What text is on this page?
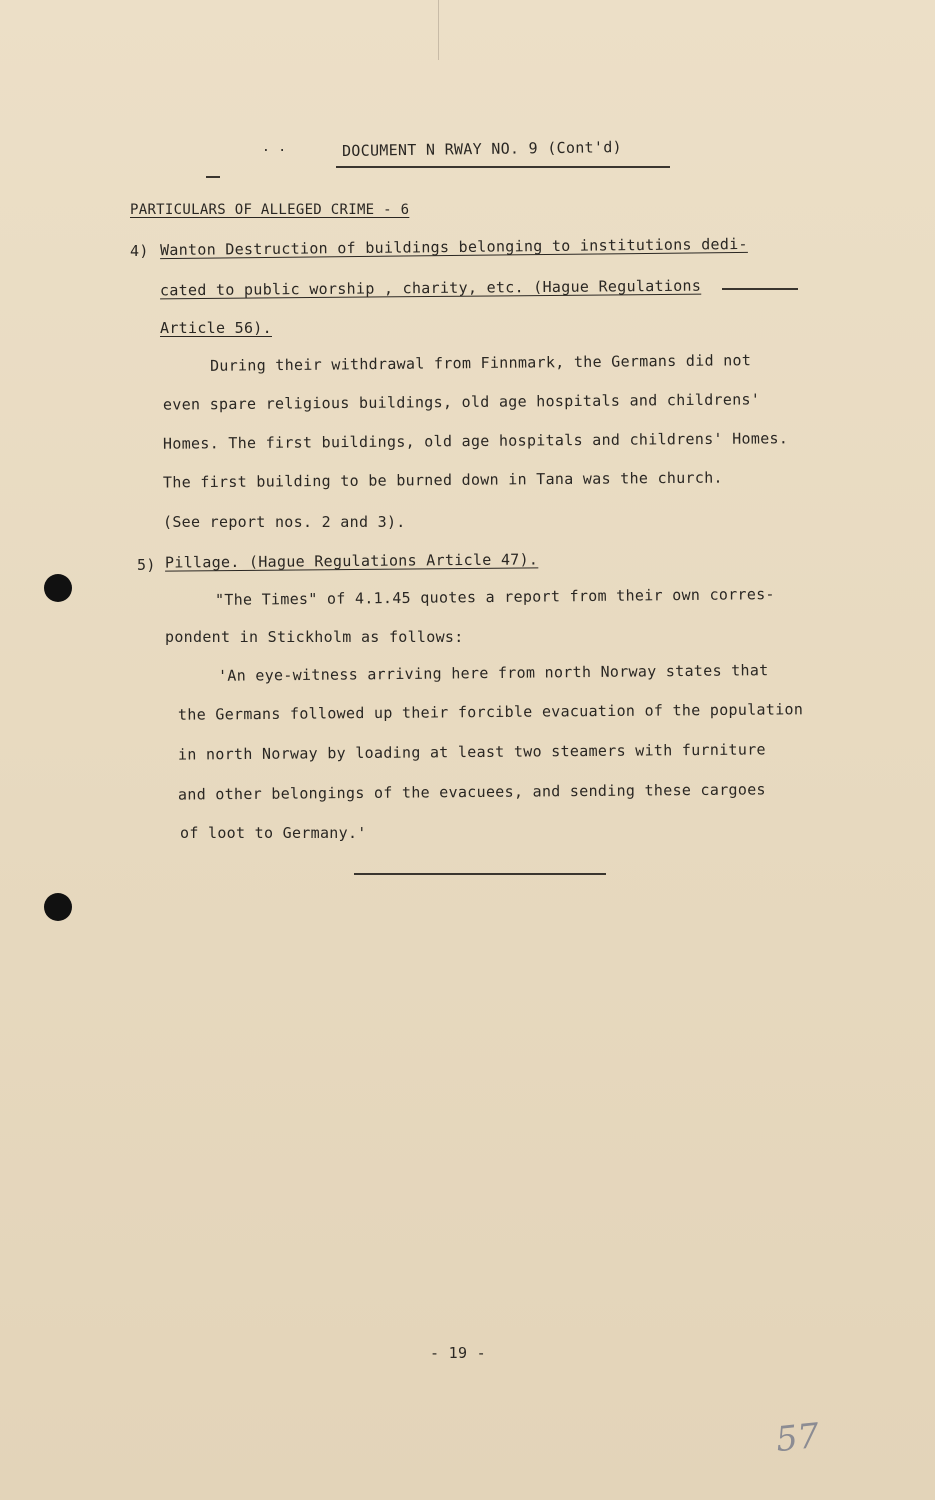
. .	DOCUMENT N RWAY NO. 9 (Cont'd)
PARTICULARS OF ALLEGED CRIME - 6
4) Wanton Destruction of buildings belonging to institutions dedi-
cated to public worship , charity, etc. (Hague Regulations
Article 56).
During their withdrawal from Finnmark, the Germans did not
even spare religious buildings, old age hospitals and childrens'
Homes. The first buildings, old age hospitals and childrens' Homes.
The first building to be burned down in Tana was the church.
(See report nos. 2 and 3).
5) Pillage. (Hague Regulations Article 47).
"The Times" of 4.1.45 quotes a report from their own corres-
pondent in Stickholm as follows:
'An eye-witness arriving here from north Norway states that
the Germans followed up their forcible evacuation of the population
in north Norway by loading at least two steamers with furniture
and other belongings of the evacuees, and sending these cargoes
of loot to Germany.'
- 19 -
57
